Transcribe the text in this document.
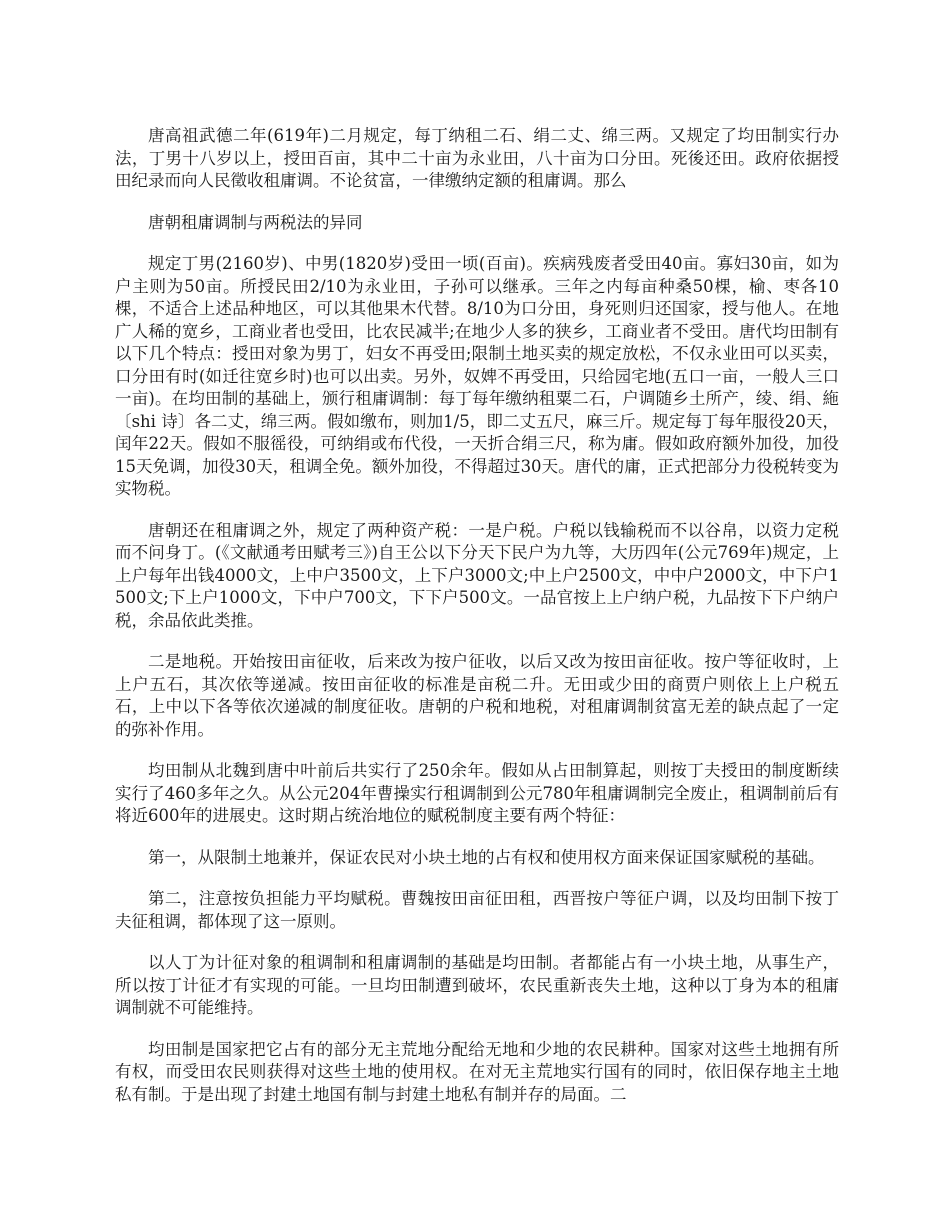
唐高祖武德二年(619年)二月规定，每丁纳租二石、绢二丈、绵三两。又规定了均田制实行办法，丁男十八岁以上，授田百亩，其中二十亩为永业田，八十亩为口分田。死後还田。政府依据授田纪录而向人民徵收租庸调。不论贫富，一律缴纳定额的租庸调。那么

唐朝租庸调制与两税法的异同

规定丁男(2160岁)、中男(1820岁)受田一顷(百亩)。疾病残废者受田40亩。寡妇30亩，如为户主则为50亩。所授民田2/10为永业田，子孙可以继承。三年之内每亩种桑50棵，榆、枣各10棵，不适合上述品种地区，可以其他果木代替。8/10为口分田，身死则归还国家，授与他人。在地广人稀的宽乡，工商业者也受田，比农民减半;在地少人多的狭乡，工商业者不受田。唐代均田制有以下几个特点：授田对象为男丁，妇女不再受田;限制土地买卖的规定放松，不仅永业田可以买卖，口分田有时(如迁往宽乡时)也可以出卖。另外，奴婢不再受田，只给园宅地(五口一亩，一般人三口一亩)。在均田制的基础上，颁行租庸调制：每丁每年缴纳租粟二石，户调随乡土所产，绫、绢、絁〔shi 诗〕各二丈，绵三两。假如缴布，则加1/5，即二丈五尺，麻三斤。规定每丁每年服役20天，闰年22天。假如不服徭役，可纳绢或布代役，一天折合绢三尺，称为庸。假如政府额外加役，加役15天免调，加役30天，租调全免。额外加役，不得超过30天。唐代的庸，正式把部分力役税转变为实物税。

唐朝还在租庸调之外，规定了两种资产税：一是户税。户税以钱输税而不以谷帛，以资力定税而不问身丁。(《文献通考田赋考三》)自王公以下分天下民户为九等，大历四年(公元769年)规定，上上户每年出钱4000文，上中户3500文，上下户3000文;中上户2500文，中中户2000文，中下户1500文;下上户1000文，下中户700文，下下户500文。一品官按上上户纳户税，九品按下下户纳户税，余品依此类推。

二是地税。开始按田亩征收，后来改为按户征收，以后又改为按田亩征收。按户等征收时，上上户五石，其次依等递减。按田亩征收的标准是亩税二升。无田或少田的商贾户则依上上户税五石，上中以下各等依次递减的制度征收。唐朝的户税和地税，对租庸调制贫富无差的缺点起了一定的弥补作用。

均田制从北魏到唐中叶前后共实行了250余年。假如从占田制算起，则按丁夫授田的制度断续实行了460多年之久。从公元204年曹操实行租调制到公元780年租庸调制完全废止，租调制前后有将近600年的进展史。这时期占统治地位的赋税制度主要有两个特征：

第一，从限制土地兼并，保证农民对小块土地的占有权和使用权方面来保证国家赋税的基础。

第二，注意按负担能力平均赋税。曹魏按田亩征田租，西晋按户等征户调，以及均田制下按丁夫征租调，都体现了这一原则。

以人丁为计征对象的租调制和租庸调制的基础是均田制。者都能占有一小块土地，从事生产，所以按丁计征才有实现的可能。一旦均田制遭到破坏，农民重新丧失土地，这种以丁身为本的租庸调制就不可能维持。

均田制是国家把它占有的部分无主荒地分配给无地和少地的农民耕种。国家对这些土地拥有所有权，而受田农民则获得对这些土地的使用权。在对无主荒地实行国有的同时，依旧保存地主土地私有制。于是出现了封建土地国有制与封建土地私有制并存的局面。二
